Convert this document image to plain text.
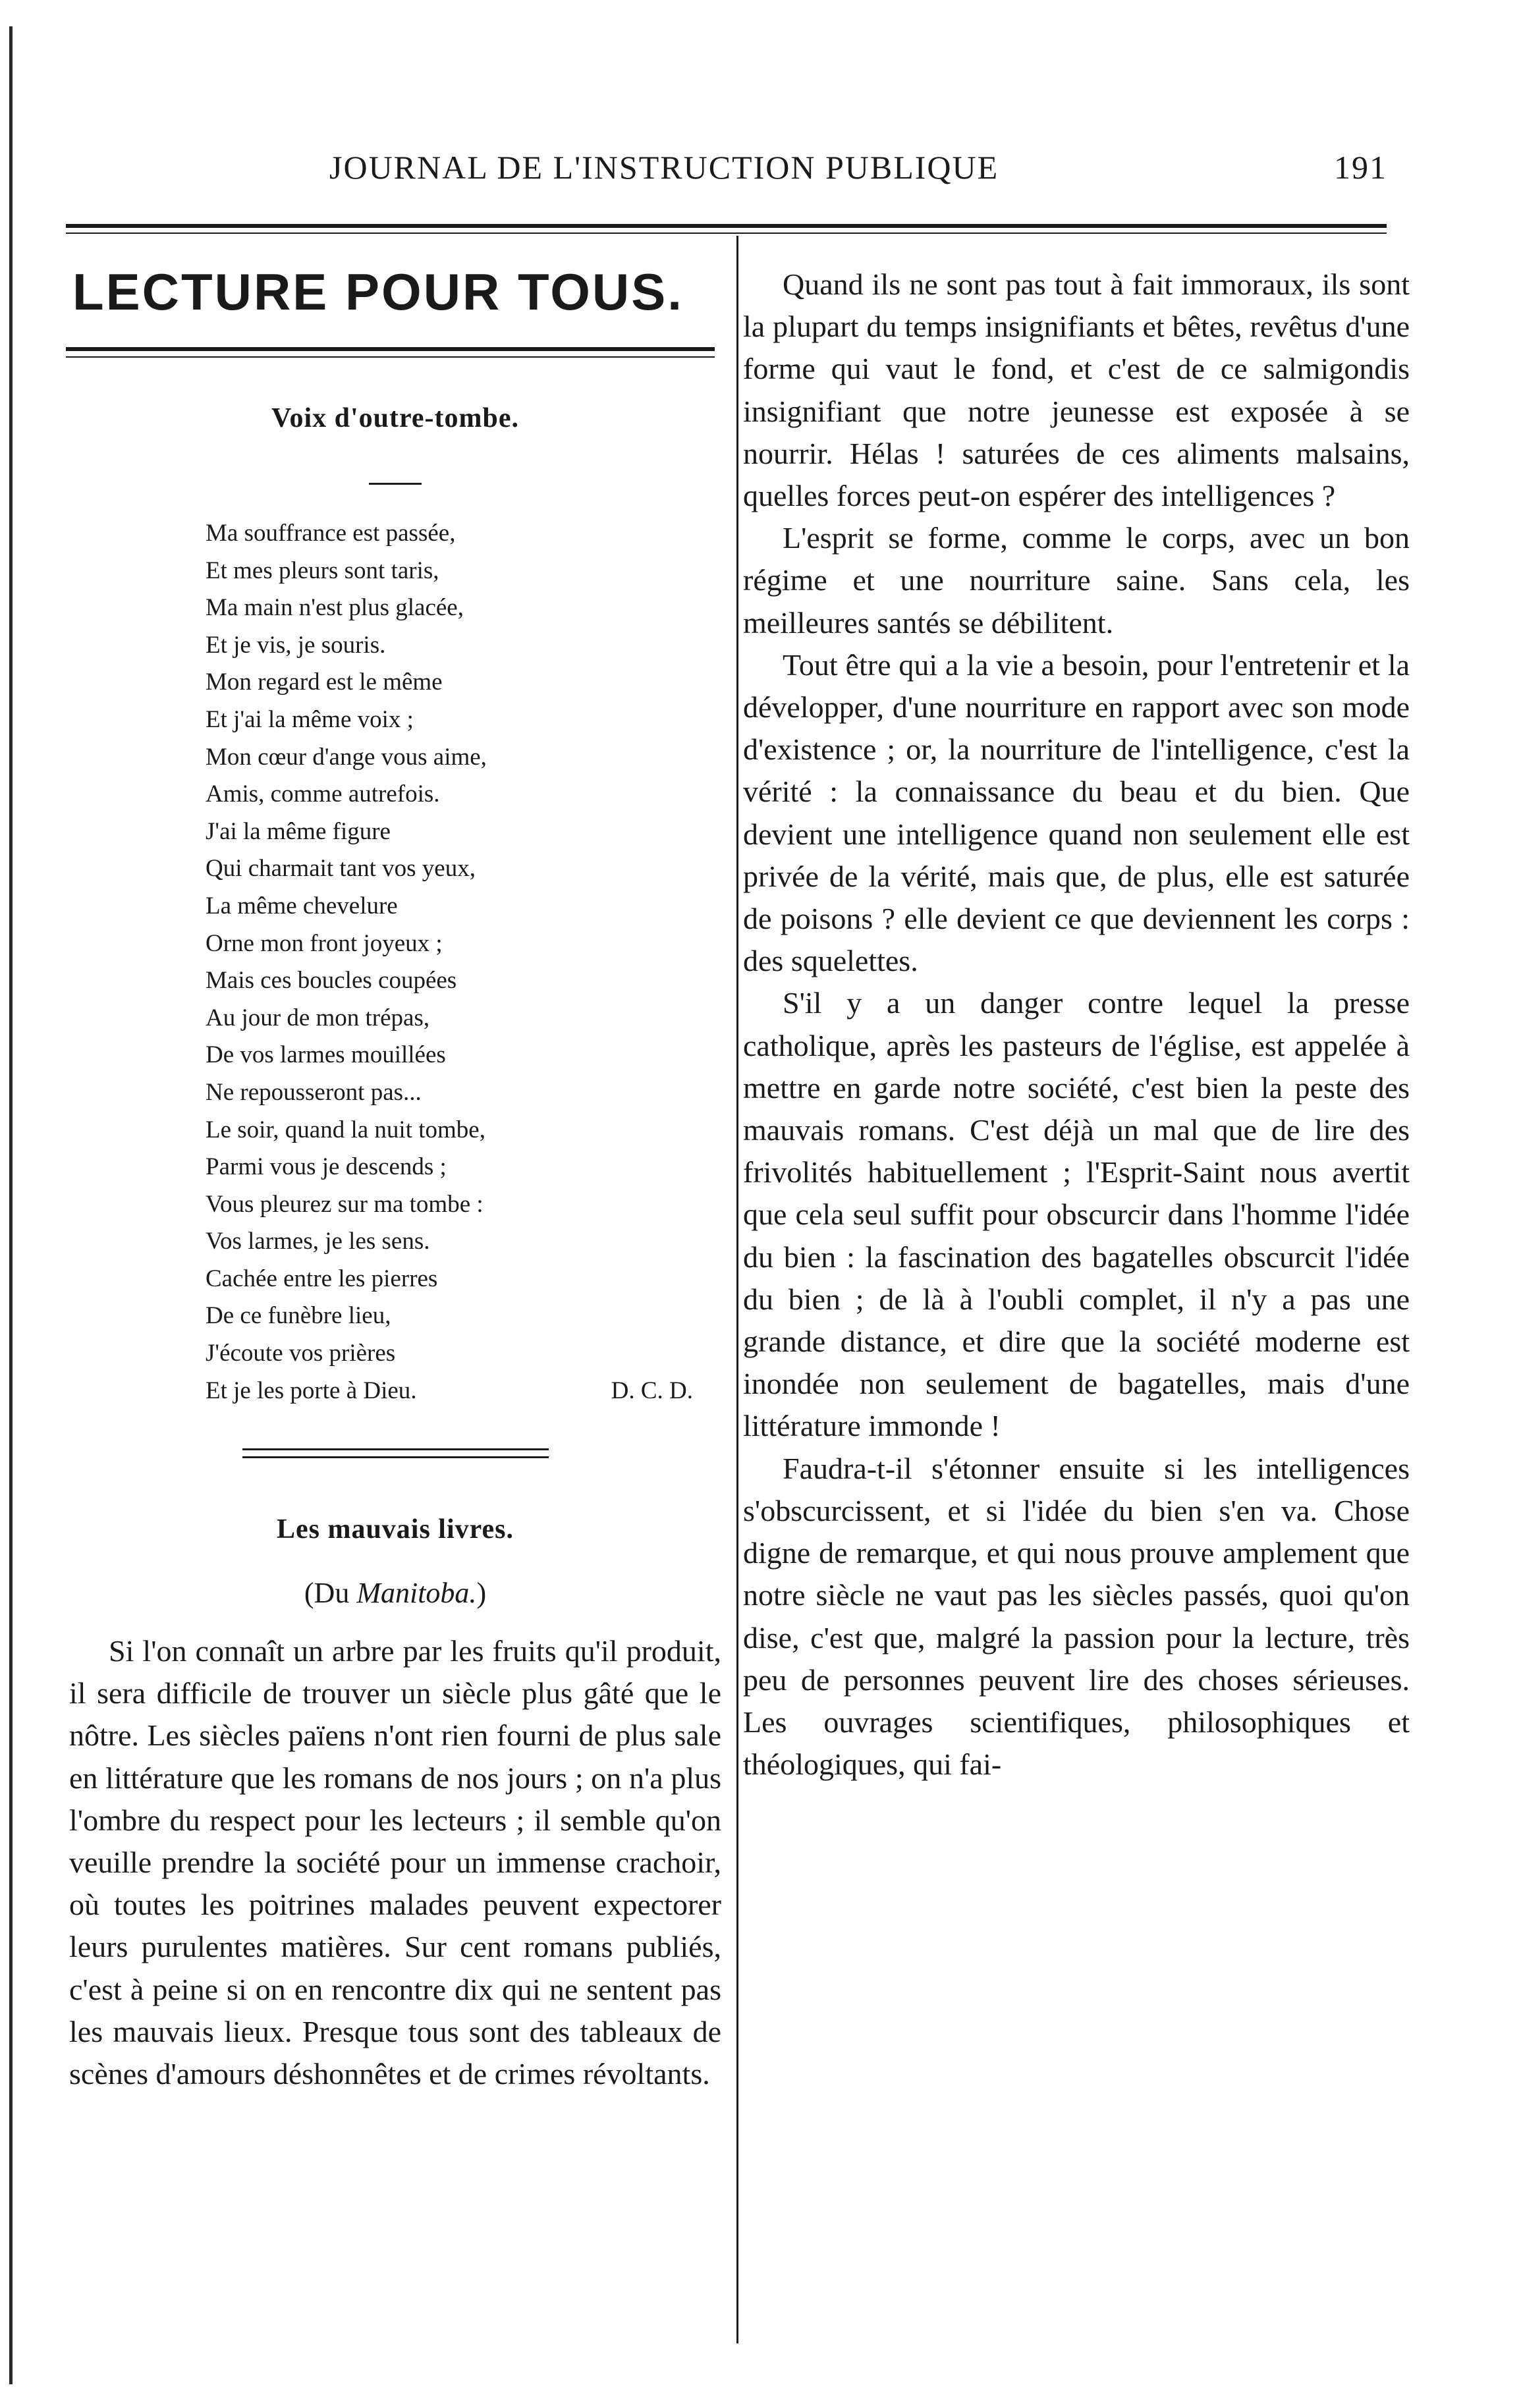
JOURNAL DE L'INSTRUCTION PUBLIQUE	191
LECTURE POUR TOUS.
Voix d'outre-tombe.
Ma souffrance est passée,
Et mes pleurs sont taris,
Ma main n'est plus glacée,
Et je vis, je souris.
Mon regard est le même
Et j'ai la même voix ;
Mon cœur d'ange vous aime,
Amis, comme autrefois.
J'ai la même figure
Qui charmait tant vos yeux,
La même chevelure
Orne mon front joyeux ;
Mais ces boucles coupées
Au jour de mon trépas,
De vos larmes mouillées
Ne repousseront pas...
Le soir, quand la nuit tombe,
Parmi vous je descends ;
Vous pleurez sur ma tombe :
Vos larmes, je les sens.
Cachée entre les pierres
De ce funèbre lieu,
J'écoute vos prières
Et je les porte à Dieu.	D. C. D.
Les mauvais livres.
(Du Manitoba.)

Si l'on connaît un arbre par les fruits qu'il produit, il sera difficile de trouver un siècle plus gâté que le nôtre. Les siècles païens n'ont rien fourni de plus sale en littérature que les romans de nos jours ; on n'a plus l'ombre du respect pour les lecteurs ; il semble qu'on veuille prendre la société pour un immense crachoir, où toutes les poitrines malades peuvent expectorer leurs purulentes matières. Sur cent romans publiés, c'est à peine si on en rencontre dix qui ne sentent pas les mauvais lieux. Presque tous sont des tableaux de scènes d'amours déshonnêtes et de crimes révoltants.

Quand ils ne sont pas tout à fait immoraux, ils sont la plupart du temps insignifiants et bêtes, revêtus d'une forme qui vaut le fond, et c'est de ce salmigondis insignifiant que notre jeunesse est exposée à se nourrir. Hélas ! saturées de ces aliments malsains, quelles forces peut-on espérer des intelligences ?

L'esprit se forme, comme le corps, avec un bon régime et une nourriture saine. Sans cela, les meilleures santés se débilitent.

Tout être qui a la vie a besoin, pour l'entretenir et la développer, d'une nourriture en rapport avec son mode d'existence ; or, la nourriture de l'intelligence, c'est la vérité : la connaissance du beau et du bien. Que devient une intelligence quand non seulement elle est privée de la vérité, mais que, de plus, elle est saturée de poisons ? elle devient ce que deviennent les corps : des squelettes.

S'il y a un danger contre lequel la presse catholique, après les pasteurs de l'église, est appelée à mettre en garde notre société, c'est bien la peste des mauvais romans. C'est déjà un mal que de lire des frivolités habituellement ; l'Esprit-Saint nous avertit que cela seul suffit pour obscurcir dans l'homme l'idée du bien : la fascination des bagatelles obscurcit l'idée du bien ; de là à l'oubli complet, il n'y a pas une grande distance, et dire que la société moderne est inondée non seulement de bagatelles, mais d'une littérature immonde !

Faudra-t-il s'étonner ensuite si les intelligences s'obscurcissent, et si l'idée du bien s'en va. Chose digne de remarque, et qui nous prouve amplement que notre siècle ne vaut pas les siècles passés, quoi qu'on dise, c'est que, malgré la passion pour la lecture, très peu de personnes peuvent lire des choses sérieuses. Les ouvrages scientifiques, philosophiques et théologiques, qui fai-
